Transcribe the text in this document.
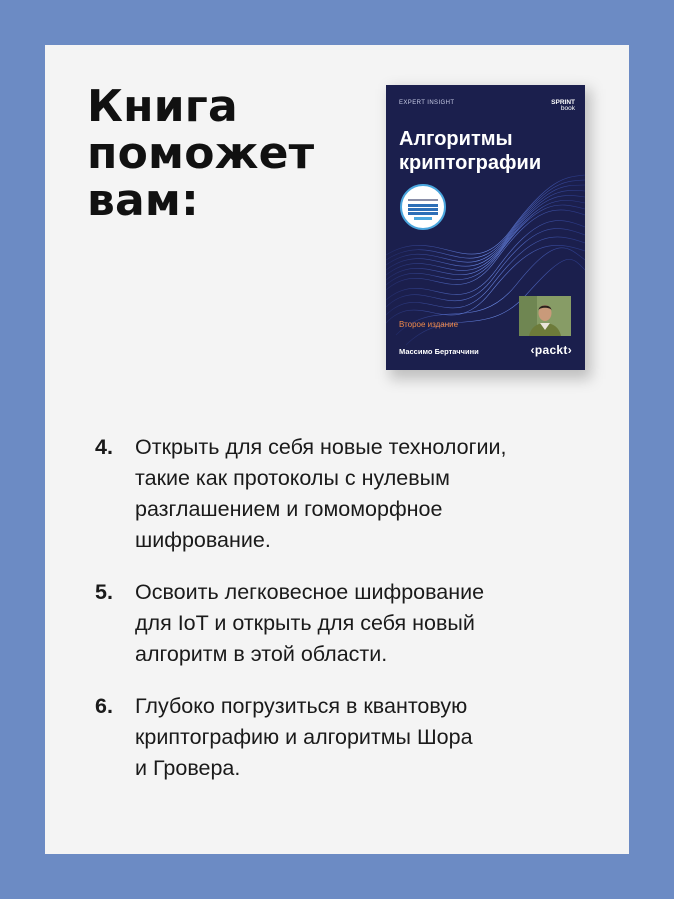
Книга
поможет
вам:
EXPERT INSIGHT	SPRINT
book
Алгоритмы
криптографии
Второе издание
Массимо Бертаччини	‹packt›
4. Открыть для себя новые технологии,
такие как протоколы с нулевым
разглашением и гомоморфное
шифрование.
5. Освоить легковесное шифрование
для IoT и открыть для себя новый
алгоритм в этой области.
6. Глубоко погрузиться в квантовую
криптографию и алгоритмы Шора
и Гровера.
